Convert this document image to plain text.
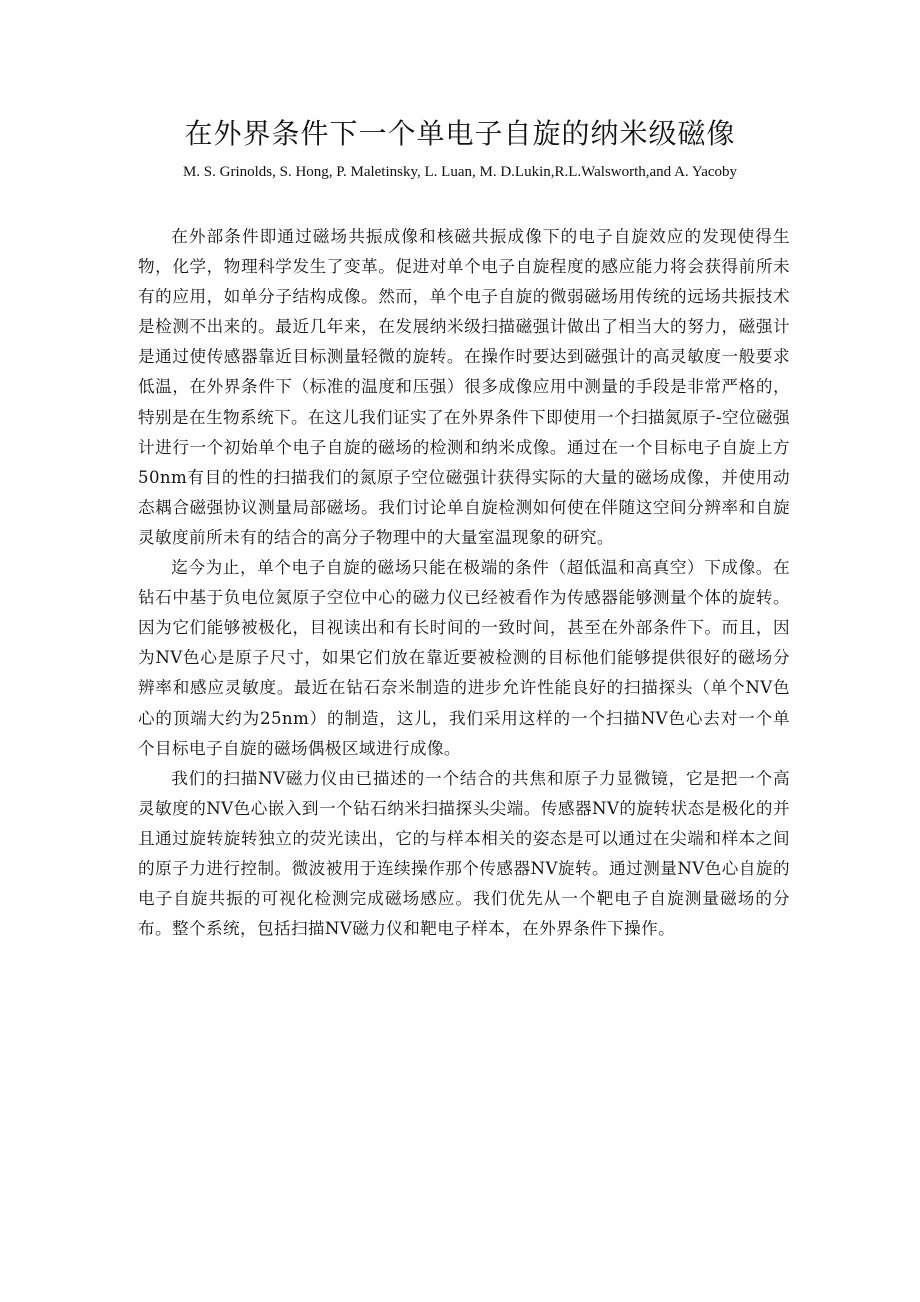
在外界条件下一个单电子自旋的纳米级磁像
M. S. Grinolds, S. Hong, P. Maletinsky, L. Luan, M. D.Lukin,R.L.Walsworth,and A. Yacoby

在外部条件即通过磁场共振成像和核磁共振成像下的电子自旋效应的发现使得生物，化学，物理科学发生了变革。促进对单个电子自旋程度的感应能力将会获得前所未有的应用，如单分子结构成像。然而，单个电子自旋的微弱磁场用传统的远场共振技术是检测不出来的。最近几年来，在发展纳米级扫描磁强计做出了相当大的努力，磁强计是通过使传感器靠近目标测量轻微的旋转。在操作时要达到磁强计的高灵敏度一般要求低温，在外界条件下（标准的温度和压强）很多成像应用中测量的手段是非常严格的，特别是在生物系统下。在这儿我们证实了在外界条件下即使用一个扫描氮原子-空位磁强计进行一个初始单个电子自旋的磁场的检测和纳米成像。通过在一个目标电子自旋上方50nm有目的性的扫描我们的氮原子空位磁强计获得实际的大量的磁场成像，并使用动态耦合磁强协议测量局部磁场。我们讨论单自旋检测如何使在伴随这空间分辨率和自旋灵敏度前所未有的结合的高分子物理中的大量室温现象的研究。

迄今为止，单个电子自旋的磁场只能在极端的条件（超低温和高真空）下成像。在钻石中基于负电位氮原子空位中心的磁力仪已经被看作为传感器能够测量个体的旋转。因为它们能够被极化，目视读出和有长时间的一致时间，甚至在外部条件下。而且，因为NV色心是原子尺寸，如果它们放在靠近要被检测的目标他们能够提供很好的磁场分辨率和感应灵敏度。最近在钻石奈米制造的进步允许性能良好的扫描探头（单个NV色心的顶端大约为25nm）的制造，这儿，我们采用这样的一个扫描NV色心去对一个单个目标电子自旋的磁场偶极区域进行成像。

我们的扫描NV磁力仪由已描述的一个结合的共焦和原子力显微镜，它是把一个高灵敏度的NV色心嵌入到一个钻石纳米扫描探头尖端。传感器NV的旋转状态是极化的并且通过旋转旋转独立的荧光读出，它的与样本相关的姿态是可以通过在尖端和样本之间的原子力进行控制。微波被用于连续操作那个传感器NV旋转。通过测量NV色心自旋的电子自旋共振的可视化检测完成磁场感应。我们优先从一个靶电子自旋测量磁场的分布。整个系统，包括扫描NV磁力仪和靶电子样本，在外界条件下操作。
